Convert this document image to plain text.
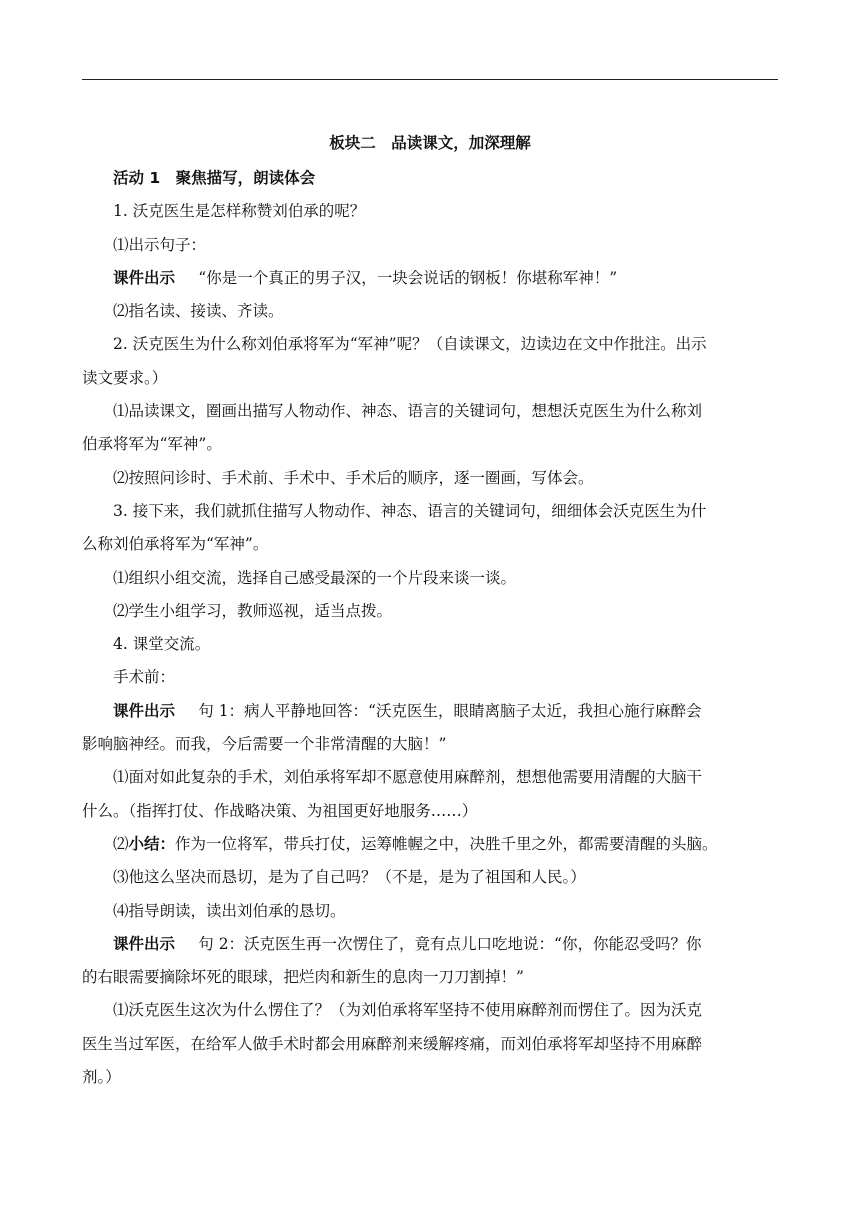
板块二　品读课文，加深理解

活动 1　聚焦描写，朗读体会

1. 沃克医生是怎样称赞刘伯承的呢？

⑴出示句子：

课件出示 “你是一个真正的男子汉，一块会说话的钢板！你堪称军神！”

⑵指名读、接读、齐读。

2. 沃克医生为什么称刘伯承将军为“军神”呢？（自读课文，边读边在文中作批注。出示

读文要求。）

⑴品读课文，圈画出描写人物动作、神态、语言的关键词句，想想沃克医生为什么称刘

伯承将军为“军神”。

⑵按照问诊时、手术前、手术中、手术后的顺序，逐一圈画，写体会。

3. 接下来，我们就抓住描写人物动作、神态、语言的关键词句，细细体会沃克医生为什

么称刘伯承将军为“军神”。

⑴组织小组交流，选择自己感受最深的一个片段来谈一谈。

⑵学生小组学习，教师巡视，适当点拨。

4. 课堂交流。

手术前：

课件出示 句 1：病人平静地回答：“沃克医生，眼睛离脑子太近，我担心施行麻醉会

影响脑神经。而我，今后需要一个非常清醒的大脑！”

⑴面对如此复杂的手术，刘伯承将军却不愿意使用麻醉剂，想想他需要用清醒的大脑干

什么。（指挥打仗、作战略决策、为祖国更好地服务……）

⑵小结：作为一位将军，带兵打仗，运筹帷幄之中，决胜千里之外，都需要清醒的头脑。

⑶他这么坚决而恳切，是为了自己吗？（不是，是为了祖国和人民。）

⑷指导朗读，读出刘伯承的恳切。

课件出示 句 2：沃克医生再一次愣住了，竟有点儿口吃地说：“你，你能忍受吗？你

的右眼需要摘除坏死的眼球，把烂肉和新生的息肉一刀刀割掉！”

⑴沃克医生这次为什么愣住了？（为刘伯承将军坚持不使用麻醉剂而愣住了。因为沃克

医生当过军医，在给军人做手术时都会用麻醉剂来缓解疼痛，而刘伯承将军却坚持不用麻醉

剂。）
